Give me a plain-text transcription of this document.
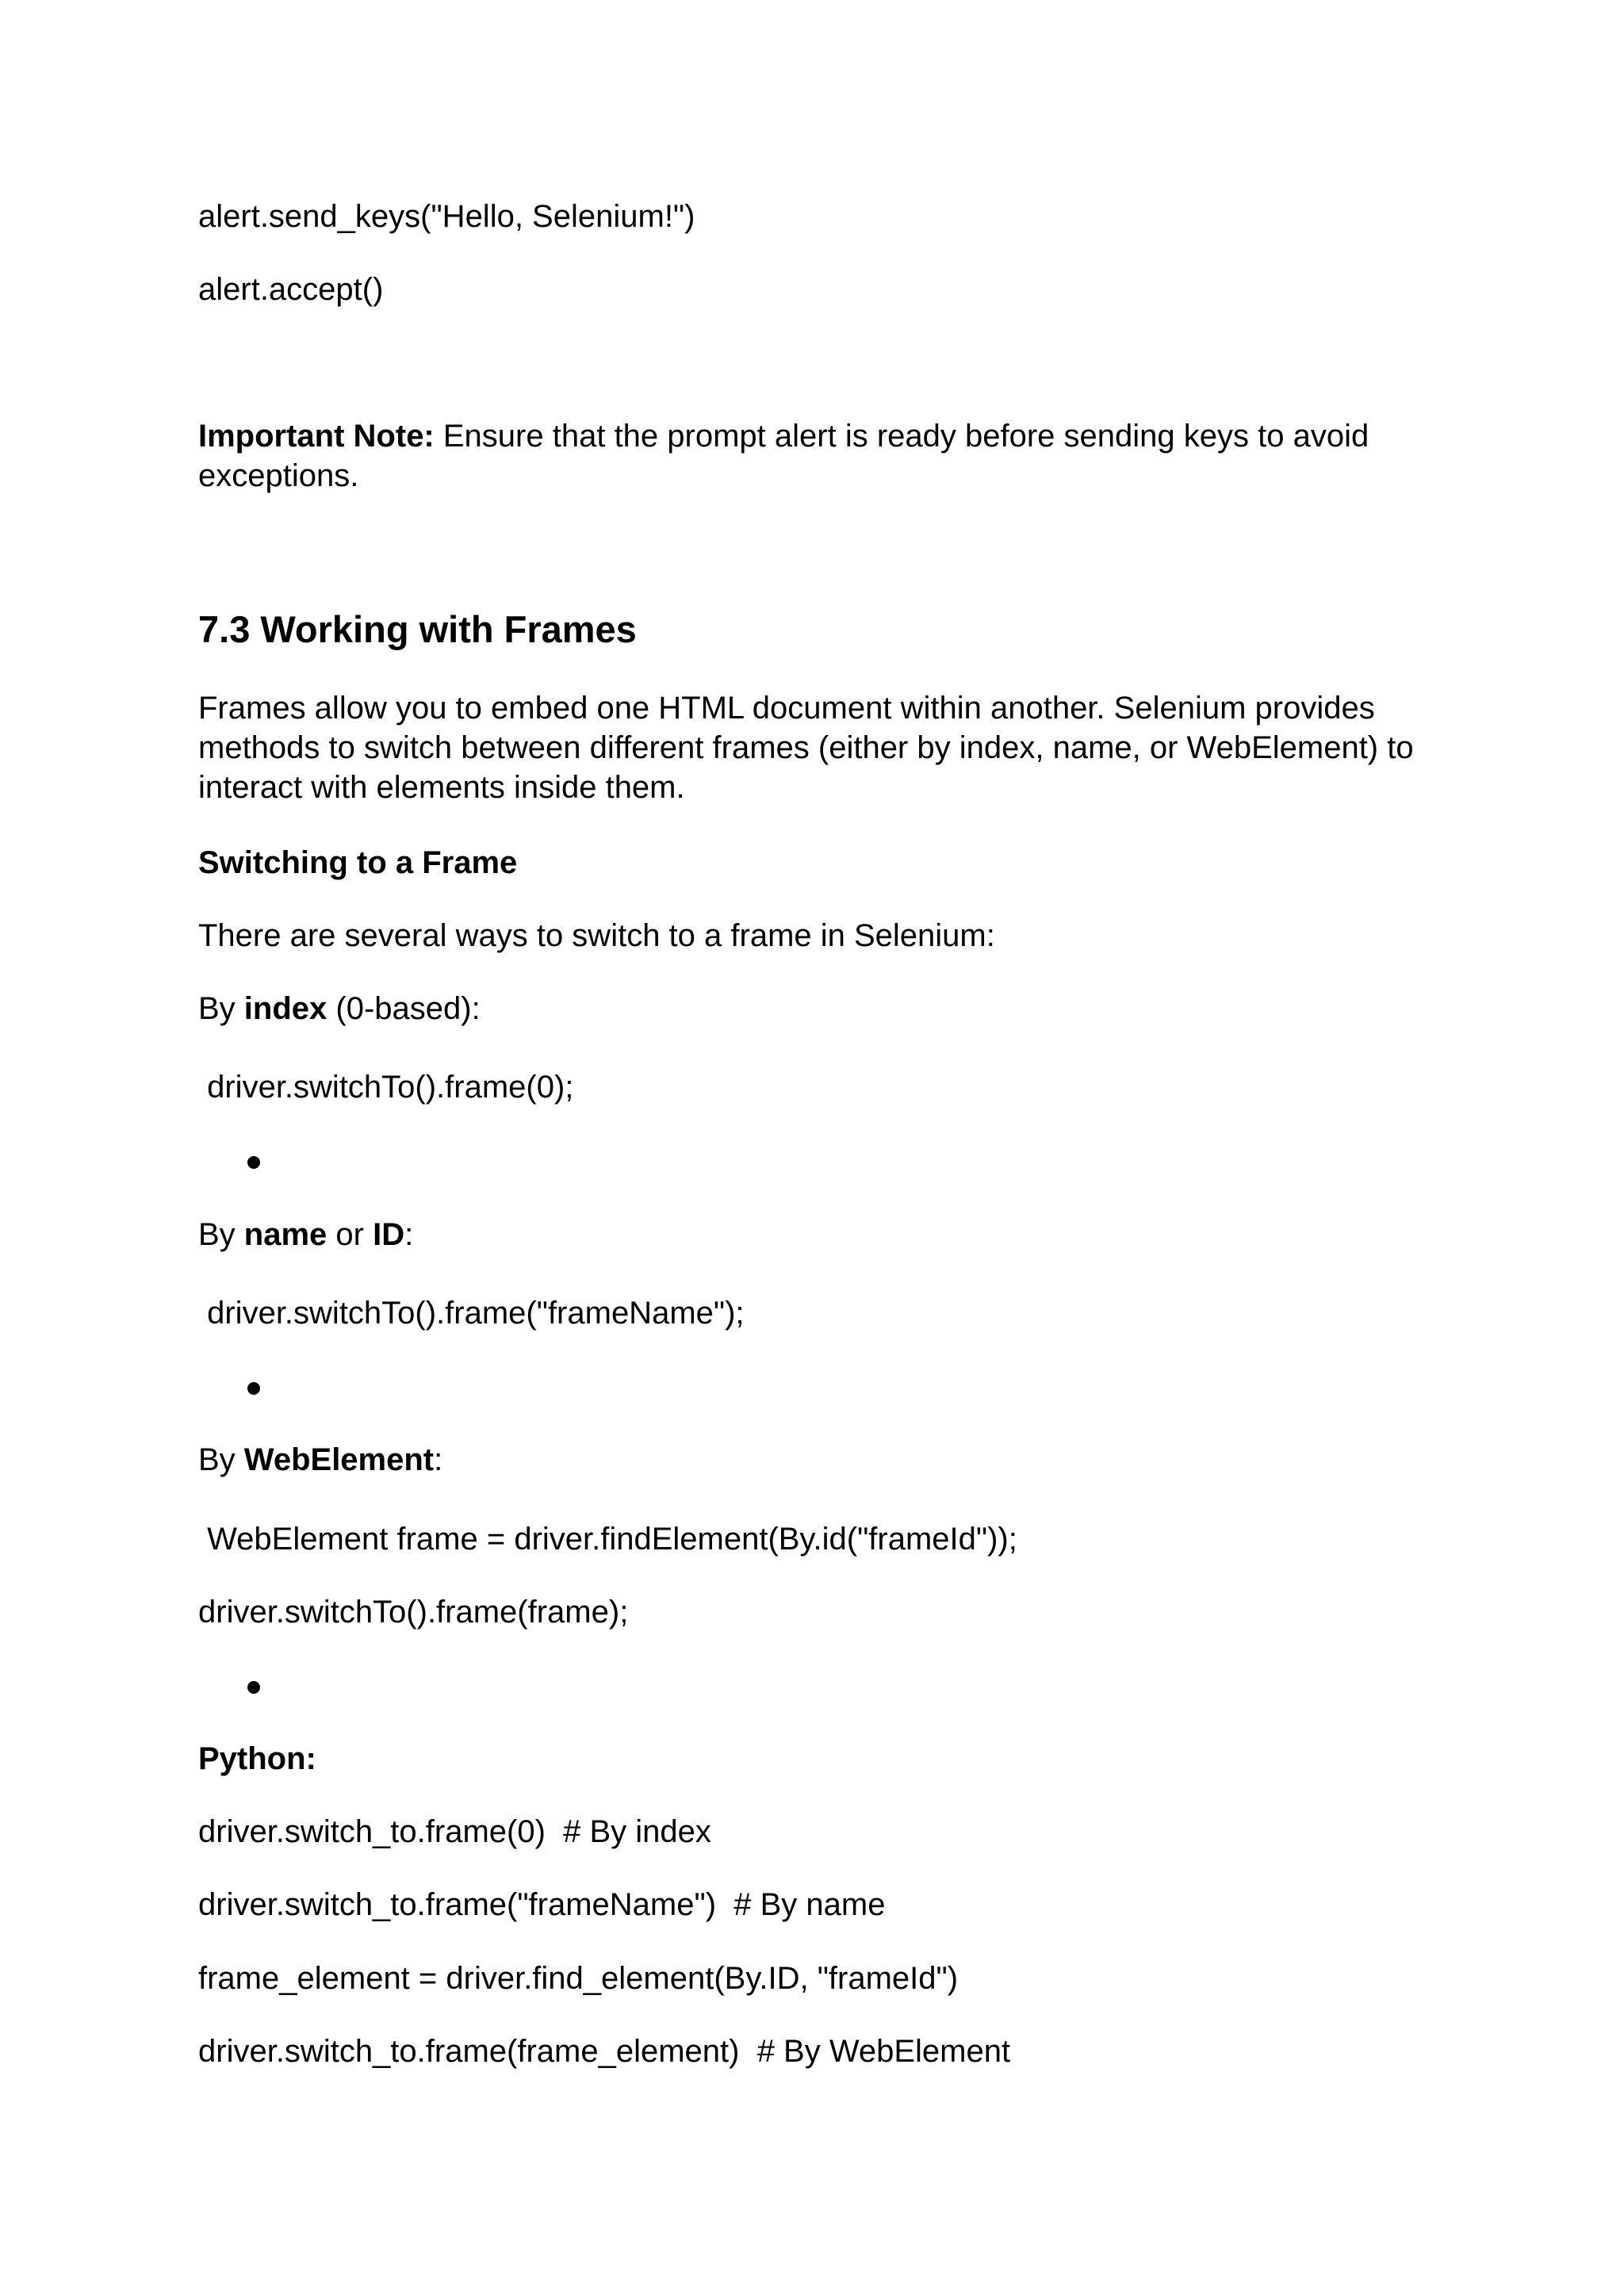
alert.send_keys("Hello, Selenium!")
alert.accept()
Important Note: Ensure that the prompt alert is ready before sending keys to avoid exceptions.
7.3 Working with Frames
Frames allow you to embed one HTML document within another. Selenium provides methods to switch between different frames (either by index, name, or WebElement) to interact with elements inside them.
Switching to a Frame
There are several ways to switch to a frame in Selenium:
By index (0-based):
driver.switchTo().frame(0);
By name or ID:
driver.switchTo().frame("frameName");
By WebElement:
WebElement frame = driver.findElement(By.id("frameId"));
driver.switchTo().frame(frame);
Python:
driver.switch_to.frame(0)  # By index
driver.switch_to.frame("frameName")  # By name
frame_element = driver.find_element(By.ID, "frameId")
driver.switch_to.frame(frame_element)  # By WebElement
